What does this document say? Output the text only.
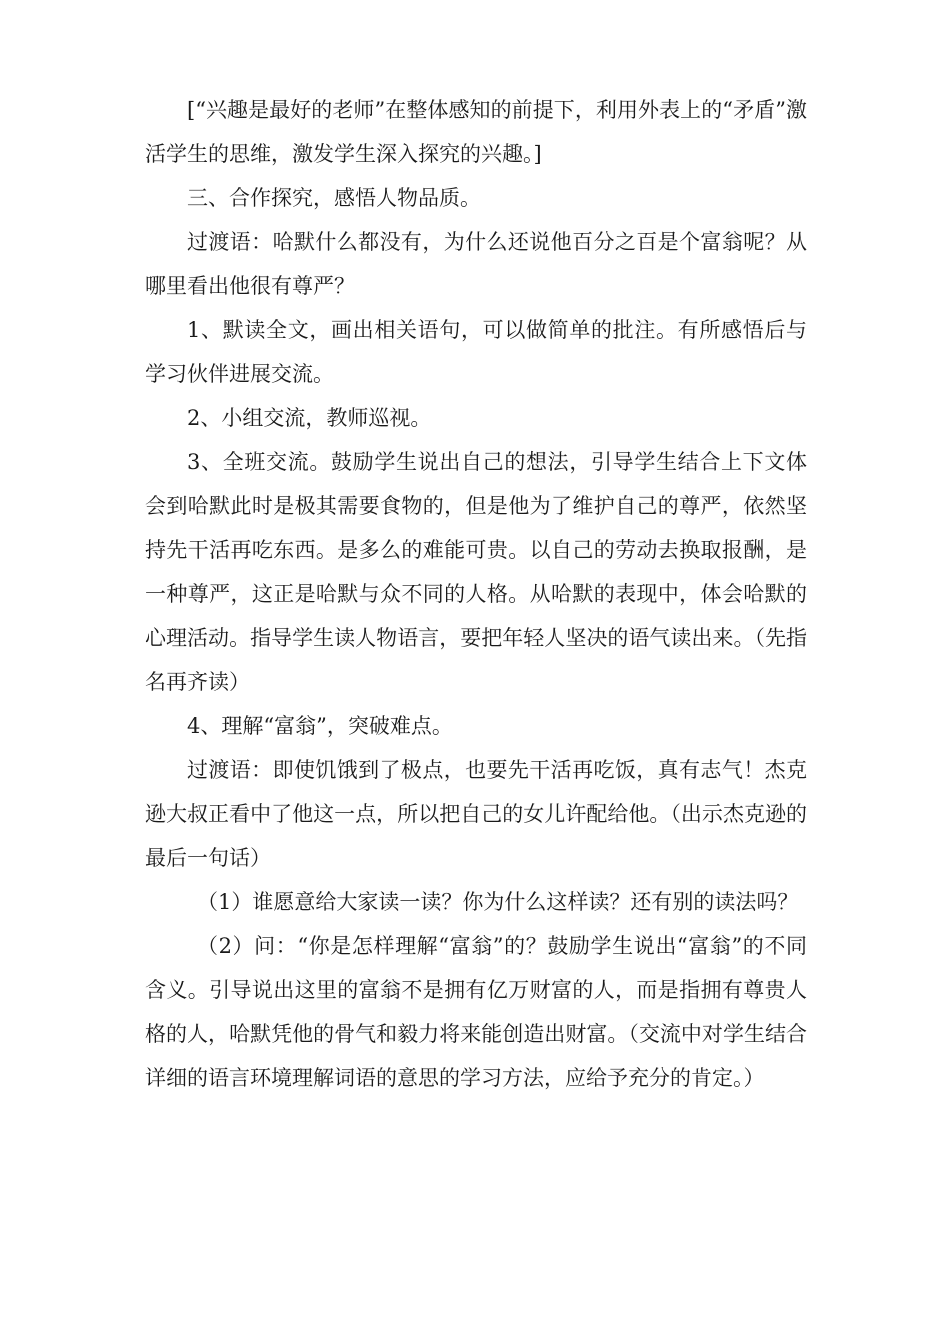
[“兴趣是最好的老师”在整体感知的前提下，利用外表上的“矛盾”激活学生的思维，激发学生深入探究的兴趣。]

三、合作探究，感悟人物品质。

过渡语：哈默什么都没有，为什么还说他百分之百是个富翁呢？从哪里看出他很有尊严？

1、默读全文，画出相关语句，可以做简单的批注。有所感悟后与学习伙伴进展交流。

2、小组交流，教师巡视。

3、全班交流。鼓励学生说出自己的想法，引导学生结合上下文体会到哈默此时是极其需要食物的，但是他为了维护自己的尊严，依然坚持先干活再吃东西。是多么的难能可贵。以自己的劳动去换取报酬，是一种尊严，这正是哈默与众不同的人格。从哈默的表现中，体会哈默的心理活动。指导学生读人物语言，要把年轻人坚决的语气读出来。（先指名再齐读）

4、理解“富翁”，突破难点。

过渡语：即使饥饿到了极点，也要先干活再吃饭，真有志气！杰克逊大叔正看中了他这一点，所以把自己的女儿许配给他。（出示杰克逊的最后一句话）

（1）谁愿意给大家读一读？你为什么这样读？还有别的读法吗？

（2）问：“你是怎样理解“富翁”的？鼓励学生说出“富翁”的不同含义。引导说出这里的富翁不是拥有亿万财富的人，而是指拥有尊贵人格的人，哈默凭他的骨气和毅力将来能创造出财富。（交流中对学生结合详细的语言环境理解词语的意思的学习方法，应给予充分的肯定。）
